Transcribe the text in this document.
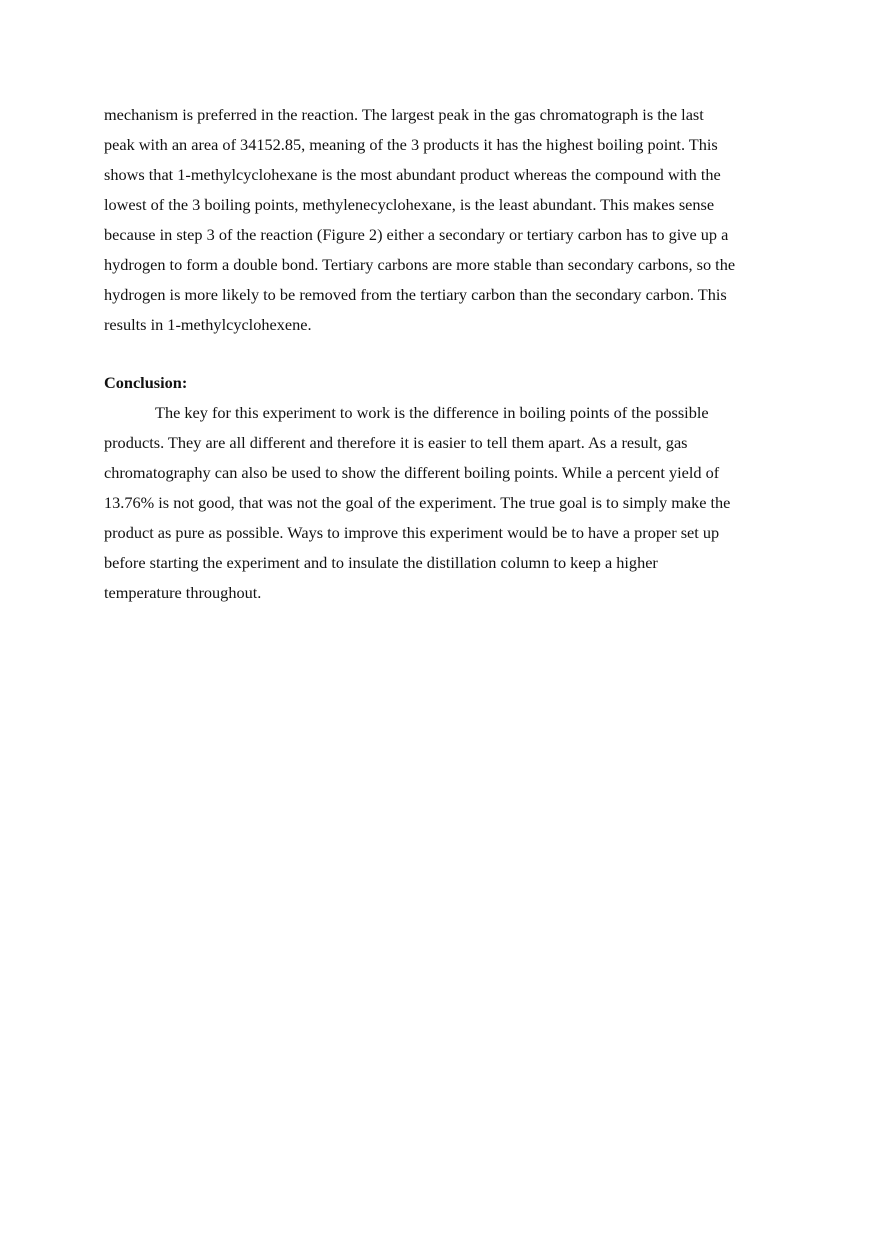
mechanism is preferred in the reaction. The largest peak in the gas chromatograph is the last
peak with an area of 34152.85, meaning of the 3 products it has the highest boiling point. This
shows that 1-methylcyclohexane is the most abundant product whereas the compound with the
lowest of the 3 boiling points, methylenecyclohexane, is the least abundant. This makes sense
because in step 3 of the reaction (Figure 2) either a secondary or tertiary carbon has to give up a
hydrogen to form a double bond. Tertiary carbons are more stable than secondary carbons, so the
hydrogen is more likely to be removed from the tertiary carbon than the secondary carbon. This
results in 1-methylcyclohexene.
Conclusion:
The key for this experiment to work is the difference in boiling points of the possible
products. They are all different and therefore it is easier to tell them apart. As a result, gas
chromatography can also be used to show the different boiling points. While a percent yield of
13.76% is not good, that was not the goal of the experiment. The true goal is to simply make the
product as pure as possible. Ways to improve this experiment would be to have a proper set up
before starting the experiment and to insulate the distillation column to keep a higher
temperature throughout.
